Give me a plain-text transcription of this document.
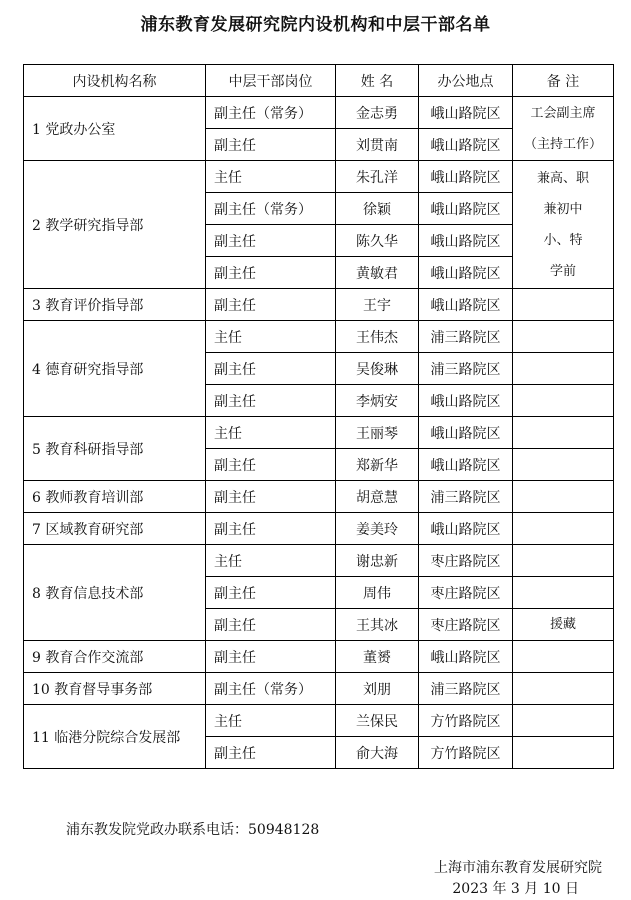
浦东教育发展研究院内设机构和中层干部名单
内设机构名称	中层干部岗位	姓 名	办公地点	备 注
1 党政办公室	副主任（常务）	金志勇	峨山路院区	工会副主席
（主持工作）

	副主任	刘贯南	峨山路院区	
2 教学研究指导部	主任	朱孔洋	峨山路院区	兼高、职
兼初中
小、特
学前

	副主任（常务）	徐颖	峨山路院区	
	副主任	陈久华	峨山路院区	
	副主任	黄敏君	峨山路院区	
3 教育评价指导部	副主任	王宇	峨山路院区	
4 德育研究指导部	主任	王伟杰	浦三路院区	
	副主任	吴俊琳	浦三路院区	
	副主任	李炳安	峨山路院区	
5 教育科研指导部	主任	王丽琴	峨山路院区	
	副主任	郑新华	峨山路院区	
6 教师教育培训部	副主任	胡意慧	浦三路院区	
7 区域教育研究部	副主任	姜美玲	峨山路院区	
8 教育信息技术部	主任	谢忠新	枣庄路院区	
	副主任	周伟	枣庄路院区	
	副主任	王其冰	枣庄路院区	援藏
9 教育合作交流部	副主任	董赟	峨山路院区	
10 教育督导事务部	副主任（常务）	刘朋	浦三路院区	
11 临港分院综合发展部	主任	兰保民	方竹路院区	
	副主任	俞大海	方竹路院区	
浦东教发院党政办联系电话：50948128
上海市浦东教育发展研究院
2023 年 3 月 10 日
